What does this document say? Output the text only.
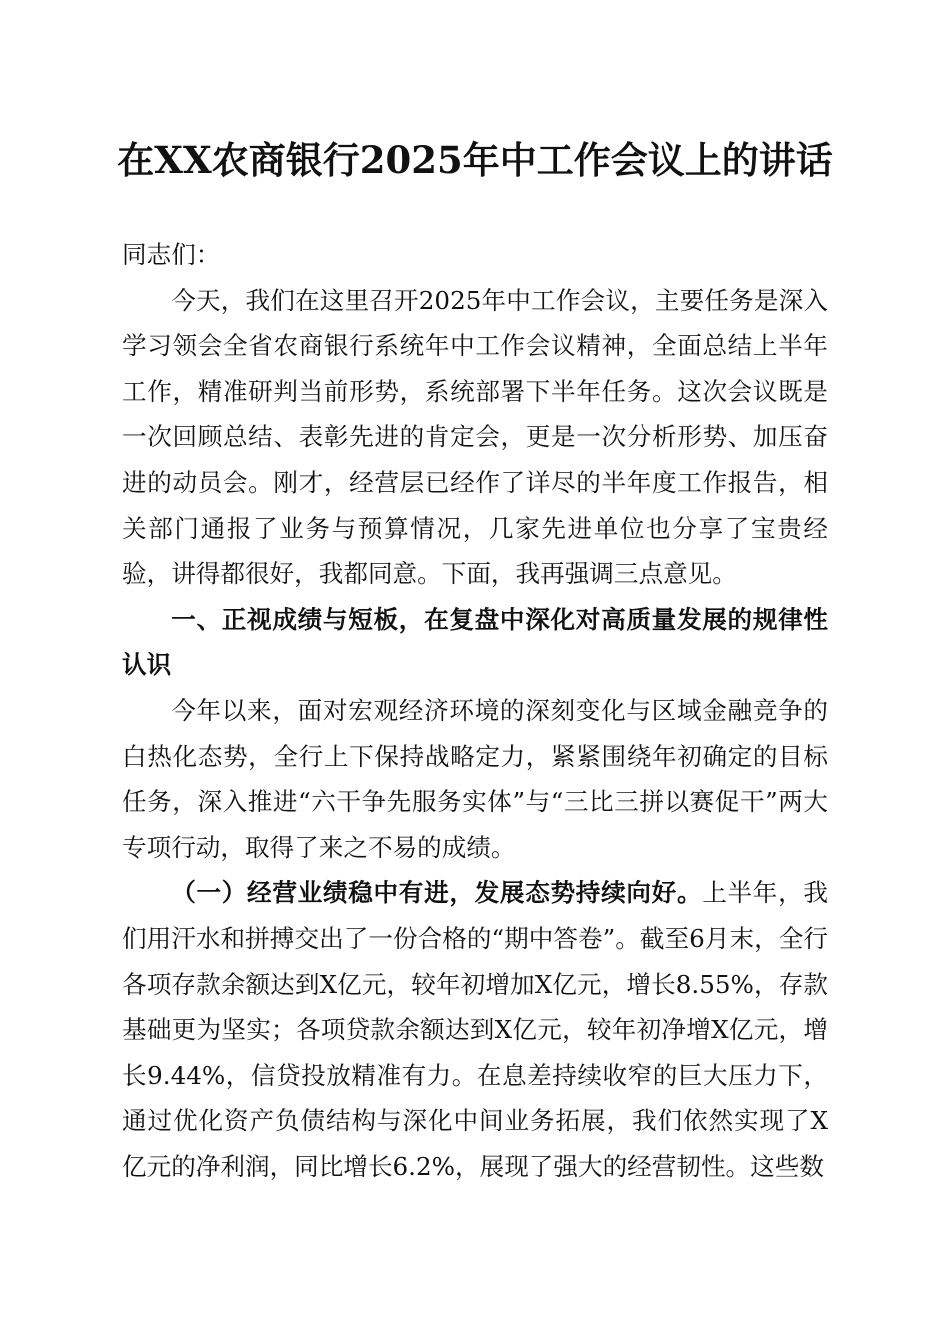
在XX农商银行2025年中工作会议上的讲话

同志们：

今天，我们在这里召开2025年中工作会议，主要任务是深入学习领会全省农商银行系统年中工作会议精神，全面总结上半年工作，精准研判当前形势，系统部署下半年任务。这次会议既是一次回顾总结、表彰先进的肯定会，更是一次分析形势、加压奋进的动员会。刚才，经营层已经作了详尽的半年度工作报告，相关部门通报了业务与预算情况，几家先进单位也分享了宝贵经验，讲得都很好，我都同意。下面，我再强调三点意见。

一、正视成绩与短板，在复盘中深化对高质量发展的规律性认识

今年以来，面对宏观经济环境的深刻变化与区域金融竞争的白热化态势，全行上下保持战略定力，紧紧围绕年初确定的目标任务，深入推进“六干争先服务实体”与“三比三拼以赛促干”两大专项行动，取得了来之不易的成绩。

（一）经营业绩稳中有进，发展态势持续向好。上半年，我们用汗水和拼搏交出了一份合格的“期中答卷”。截至6月末，全行各项存款余额达到X亿元，较年初增加X亿元，增长8.55%，存款基础更为坚实；各项贷款余额达到X亿元，较年初净增X亿元，增长9.44%，信贷投放精准有力。在息差持续收窄的巨大压力下，通过优化资产负债结构与深化中间业务拓展，我们依然实现了X亿元的净利润，同比增长6.2%，展现了强大的经营韧性。这些数
